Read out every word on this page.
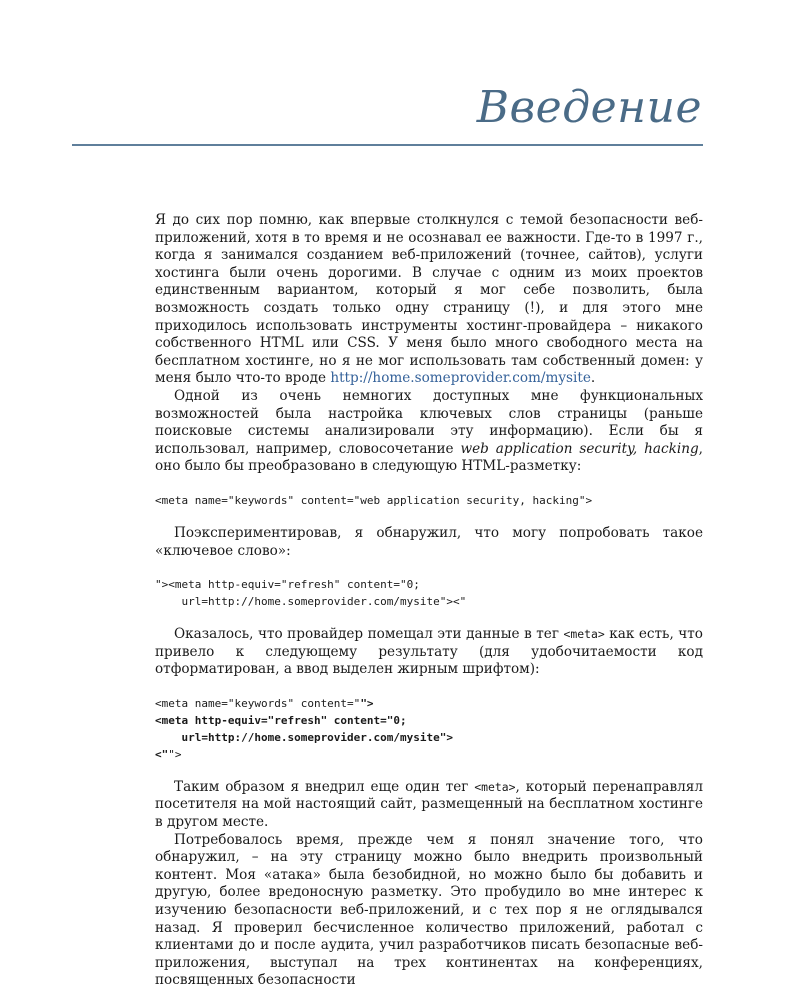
Введение

Я до сих пор помню, как впервые столкнулся с темой безопасности веб-приложений, хотя в то время и не осознавал ее важности. Где-то в 1997 г., когда я занимался созданием веб-приложений (точнее, сайтов), услуги хостинга были очень дорогими. В случае с одним из моих проектов единственным вариантом, который я мог себе позволить, была возможность создать только одну страницу (!), и для этого мне приходилось использовать инструменты хостинг-провайдера – никакого собственного HTML или CSS. У меня было много свободного места на бесплатном хостинге, но я не мог использовать там собственный домен: у меня было что-то вроде http://home.someprovider.com/mysite.

Одной из очень немногих доступных мне функциональных возможностей была настройка ключевых слов страницы (раньше поисковые системы анализировали эту информацию). Если бы я использовал, например, словосочетание web application security, hacking, оно было бы преобразовано в следующую HTML-разметку:

<meta name="keywords" content="web application security, hacking">

Поэкспериментировав, я обнаружил, что могу попробовать такое «ключевое слово»:

"><meta http-equiv="refresh" content="0;
url=http://home.someprovider.com/mysite"><"

Оказалось, что провайдер помещал эти данные в тег <meta> как есть, что привело к следующему результату (для удобочитаемости код отформатирован, а ввод выделен жирным шрифтом):

<meta name="keywords" content="">
<meta http-equiv="refresh" content="0;
url=http://home.someprovider.com/mysite">
<"">

Таким образом я внедрил еще один тег <meta>, который перенаправлял посетителя на мой настоящий сайт, размещенный на бесплатном хостинге в другом месте.

Потребовалось время, прежде чем я понял значение того, что обнаружил, – на эту страницу можно было внедрить произвольный контент. Моя «атака» была безобидной, но можно было бы добавить и другую, более вредоносную разметку. Это пробудило во мне интерес к изучению безопасности веб-приложений, и с тех пор я не оглядывался назад. Я проверил бесчисленное количество приложений, работал с клиентами до и после аудита, учил разработчиков писать безопасные веб-приложения, выступал на трех континентах на конференциях, посвященных безопасности
